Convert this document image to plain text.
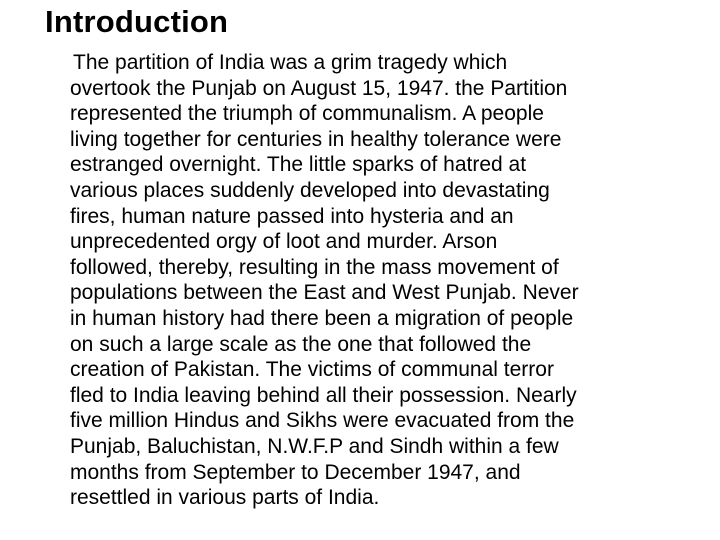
Introduction
The partition of India was a grim tragedy which
overtook the Punjab on August 15, 1947. the Partition
represented the triumph of communalism. A people
living together for centuries in healthy tolerance were
estranged overnight. The little sparks of hatred at
various places suddenly developed into devastating
fires, human nature passed into hysteria and an
unprecedented orgy of loot and murder. Arson
followed, thereby, resulting in the mass movement of
populations between the East and West Punjab. Never
in human history had there been a migration of people
on such a large scale as the one that followed the
creation of Pakistan. The victims of communal terror
fled to India leaving behind all their possession. Nearly
five million Hindus and Sikhs were evacuated from the
Punjab, Baluchistan, N.W.F.P and Sindh within a few
months from September to December 1947, and
resettled in various parts of India.
